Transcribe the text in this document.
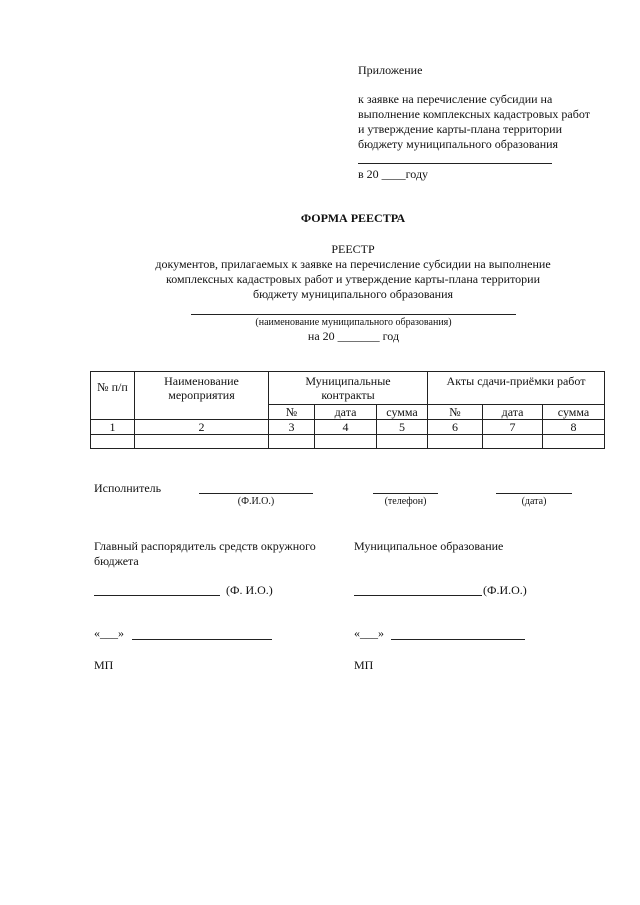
Приложение
к заявке на перечисление субсидии на
выполнение комплексных кадастровых работ
и утверждение карты-плана территории
бюджету муниципального образования
в 20 ____году
ФОРМА РЕЕСТРА
РЕЕСТР
документов, прилагаемых к заявке на перечисление субсидии на выполнение
комплексных кадастровых работ и утверждение карты-плана территории
бюджету муниципального образования
(наименование муниципального образования)
на 20 _______ год
№ п/п	Наименование мероприятия	Муниципальные контракты			Акты сдачи-приёмки работ		
		№	дата	сумма	№	дата	сумма
1	2	3	4	5	6	7	8

Исполнитель
(Ф.И.О.)	(телефон)	(дата)
Главный распорядитель средств окружного
бюджета
(Ф. И.О.)
«___»
МП
Муниципальное образование
(Ф.И.О.)
«___»
МП
